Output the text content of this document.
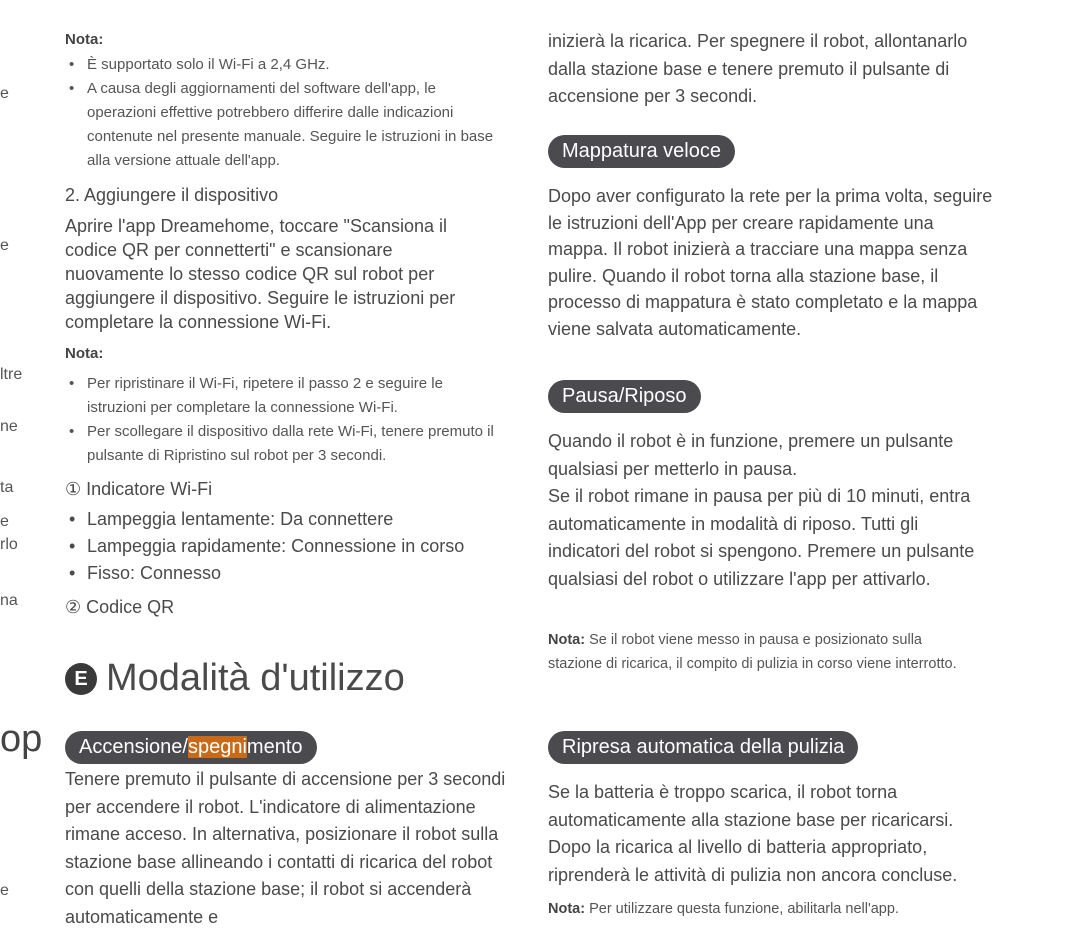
e
e
ltre
ne
ta
e
rlo
na
op
e
Nota:
• È supportato solo il Wi-Fi a 2,4 GHz.
• A causa degli aggiornamenti del software dell'app, le operazioni effettive potrebbero differire dalle indicazioni contenute nel presente manuale. Seguire le istruzioni in base alla versione attuale dell'app.
2. Aggiungere il dispositivo

Aprire l'app Dreamehome, toccare "Scansiona il codice QR per connetterti" e scansionare nuovamente lo stesso codice QR sul robot per aggiungere il dispositivo. Seguire le istruzioni per completare la connessione Wi-Fi.

Nota:
• Per ripristinare il Wi-Fi, ripetere il passo 2 e seguire le istruzioni per completare la connessione Wi-Fi.
• Per scollegare il dispositivo dalla rete Wi-Fi, tenere premuto il pulsante di Ripristino sul robot per 3 secondi.
① Indicatore Wi-Fi
• Lampeggia lentamente: Da connettere
• Lampeggia rapidamente: Connessione in corso
• Fisso: Connesso
② Codice QR
E Modalità d'utilizzo
Accensione/spegnimento

Tenere premuto il pulsante di accensione per 3 secondi per accendere il robot. L'indicatore di alimentazione rimane acceso. In alternativa, posizionare il robot sulla stazione base allineando i contatti di ricarica del robot con quelli della stazione base; il robot si accenderà automaticamente e

inizierà la ricarica. Per spegnere il robot, allontanarlo dalla stazione base e tenere premuto il pulsante di accensione per 3 secondi.

Mappatura veloce

Dopo aver configurato la rete per la prima volta, seguire le istruzioni dell'App per creare rapidamente una mappa. Il robot inizierà a tracciare una mappa senza pulire. Quando il robot torna alla stazione base, il processo di mappatura è stato completato e la mappa viene salvata automaticamente.

Pausa/Riposo

Quando il robot è in funzione, premere un pulsante qualsiasi per metterlo in pausa.

Se il robot rimane in pausa per più di 10 minuti, entra automaticamente in modalità di riposo. Tutti gli indicatori del robot si spengono. Premere un pulsante qualsiasi del robot o utilizzare l'app per attivarlo.

Nota: Se il robot viene messo in pausa e posizionato sulla stazione di ricarica, il compito di pulizia in corso viene interrotto.

Ripresa automatica della pulizia

Se la batteria è troppo scarica, il robot torna automaticamente alla stazione base per ricaricarsi. Dopo la ricarica al livello di batteria appropriato, riprenderà le attività di pulizia non ancora concluse.

Nota: Per utilizzare questa funzione, abilitarla nell'app.
